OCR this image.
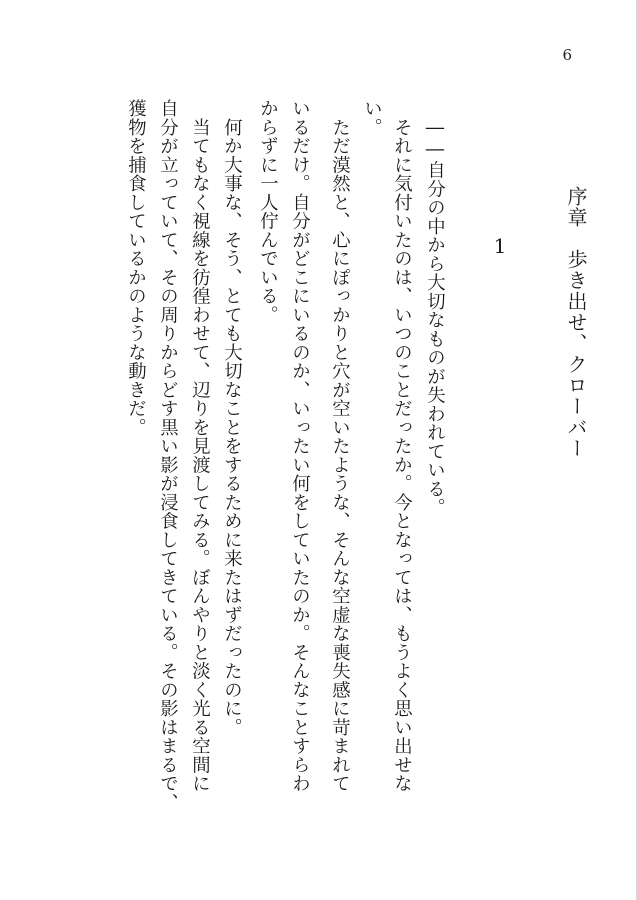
6
序章　歩き出せ、クローバー
1
　それに気付いたのは、いつのことだったか。今となっては、もうよく思い出せな
い。
　ただ漠然と、心にぽっかりと穴が空いたような、そんな空虚な喪失感に苛まれて
いるだけ。自分がどこにいるのか、いったい何をしていたのか。そんなことすらわ
からずに一人佇んでいる。	　――自分の中から大切なものが失われている。
　何か大事な、そう、とても大切なことをするために来たはずだったのに。
　当てもなく視線を彷徨わせて、辺りを見渡してみる。ぼんやりと淡く光る空間に
自分が立っていて、その周りからどす黒い影が浸食してきている。その影はまるで、
獲物を捕食しているかのような動きだ。
